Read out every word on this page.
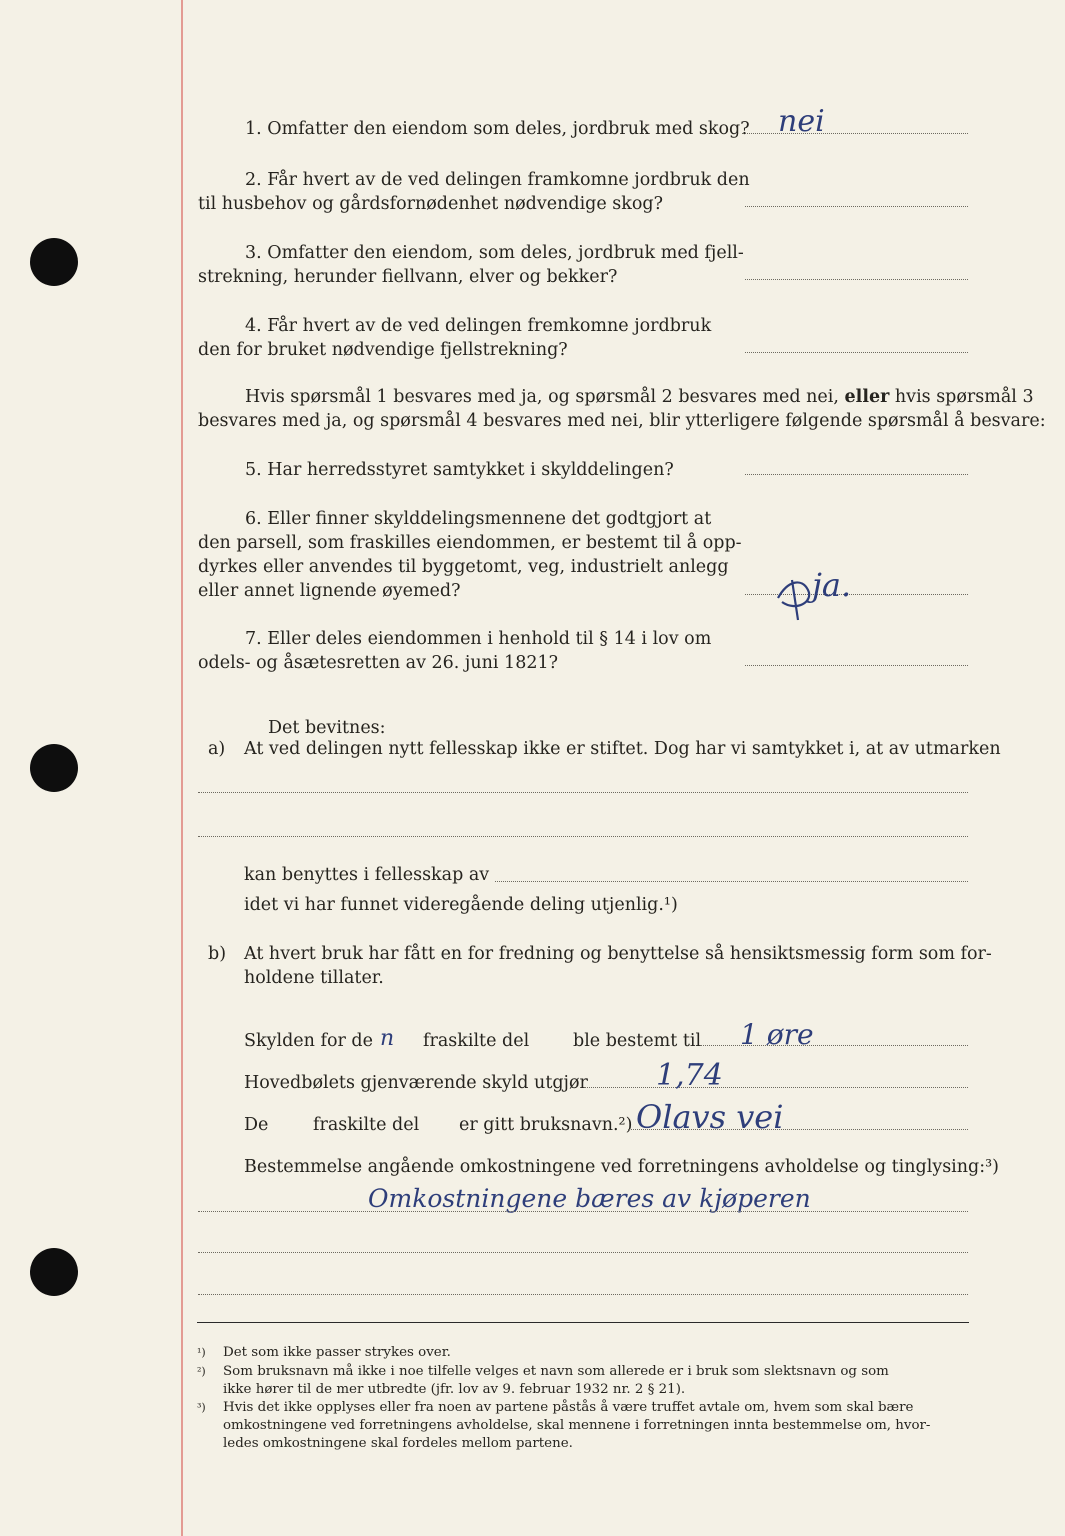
1. Omfatter den eiendom som deles, jordbruk med skog? nei
2. Får hvert av de ved delingen framkomne jordbruk den
til husbehov og gårdsfornødenhet nødvendige skog?
3. Omfatter den eiendom, som deles, jordbruk med fjell-
strekning, herunder fiellvann, elver og bekker?
4. Får hvert av de ved delingen fremkomne jordbruk
den for bruket nødvendige fjellstrekning?
Hvis spørsmål 1 besvares med ja, og spørsmål 2 besvares med nei, eller hvis spørsmål 3
besvares med ja, og spørsmål 4 besvares med nei, blir ytterligere følgende spørsmål å besvare:
5. Har herredsstyret samtykket i skylddelingen?
6. Eller finner skylddelingsmennene det godtgjort at
den parsell, som fraskilles eiendommen, er bestemt til å opp-
dyrkes eller anvendes til byggetomt, veg, industrielt anlegg
eller annet lignende øyemed?	ja.
7. Eller deles eiendommen i henhold til § 14 i lov om
odels- og åsætesretten av 26. juni 1821?
Det bevitnes:
a) At ved delingen nytt fellesskap ikke er stiftet. Dog har vi samtykket i, at av utmarken
kan benyttes i fellesskap av
idet vi har funnet videregående deling utjenlig.¹)
b) At hvert bruk har fått en for fredning og benyttelse så hensiktsmessig form som for-
holdene tillater.
Skylden for de n fraskilte del	ble bestemt til 1 øre
Hovedbølets gjenværende skyld utgjør 1,74
De	fraskilte del er gitt bruksnavn.²) Olavs vei
Bestemmelse angående omkostningene ved forretningens avholdelse og tinglysing:³)
Omkostningene bæres av kjøperen
¹) Det som ikke passer strykes over.
²) Som bruksnavn må ikke i noe tilfelle velges et navn som allerede er i bruk som slektsnavn og som
ikke hører til de mer utbredte (jfr. lov av 9. februar 1932 nr. 2 § 21).
³) Hvis det ikke opplyses eller fra noen av partene påstås å være truffet avtale om, hvem som skal bære
omkostningene ved forretningens avholdelse, skal mennene i forretningen innta bestemmelse om, hvor-
ledes omkostningene skal fordeles mellom partene.
